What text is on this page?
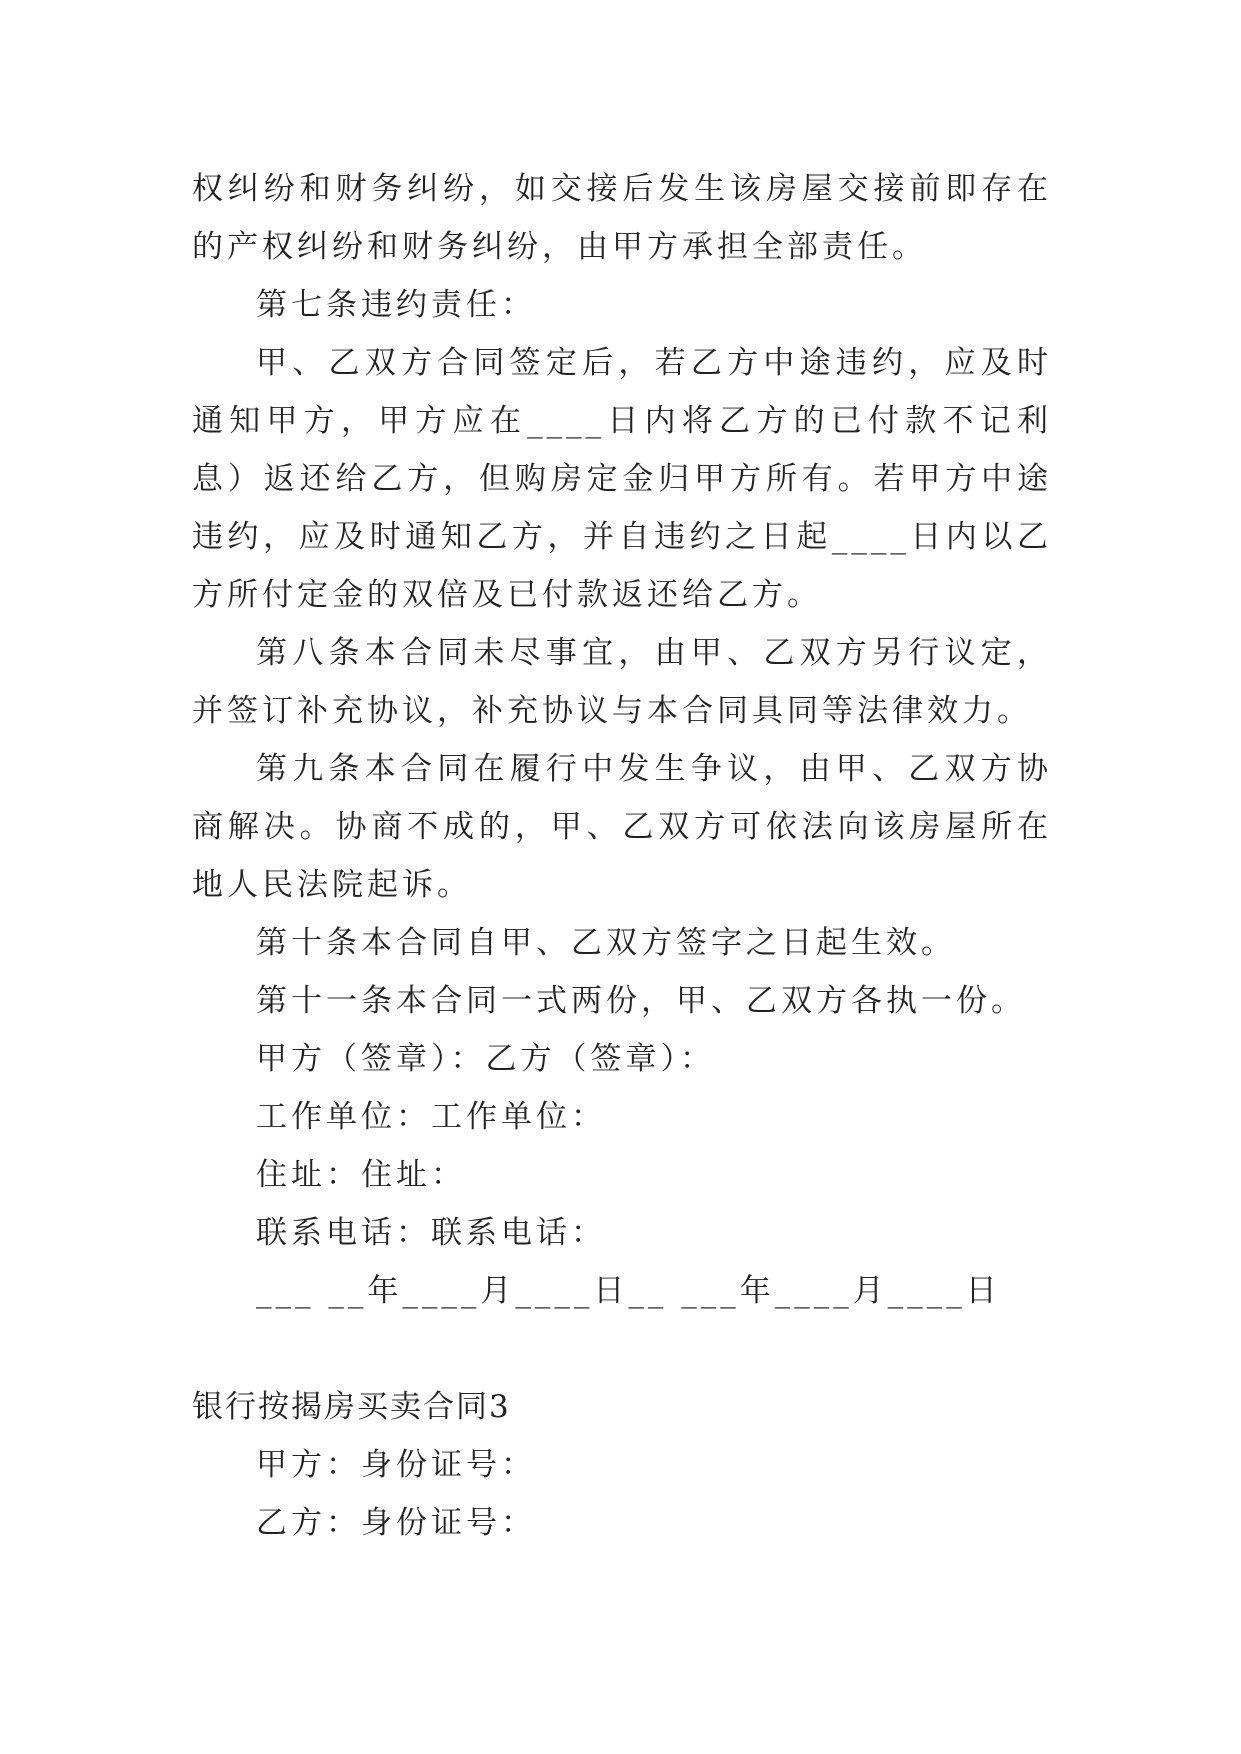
权纠纷和财务纠纷，如交接后发生该房屋交接前即存在的产权纠纷和财务纠纷，由甲方承担全部责任。

第七条违约责任：

甲、乙双方合同签定后，若乙方中途违约，应及时通知甲方，甲方应在____日内将乙方的已付款不记利息）返还给乙方，但购房定金归甲方所有。若甲方中途违约，应及时通知乙方，并自违约之日起____日内以乙方所付定金的双倍及已付款返还给乙方。

第八条本合同未尽事宜，由甲、乙双方另行议定，并签订补充协议，补充协议与本合同具同等法律效力。

第九条本合同在履行中发生争议，由甲、乙双方协商解决。协商不成的，甲、乙双方可依法向该房屋所在地人民法院起诉。

第十条本合同自甲、乙双方签字之日起生效。

第十一条本合同一式两份，甲、乙双方各执一份。

甲方（签章）：乙方（签章）：

工作单位：工作单位：

住址：住址：

联系电话：联系电话：

___ __年____月____日__ ___年____月____日

银行按揭房买卖合同3

甲方：身份证号：

乙方：身份证号：
